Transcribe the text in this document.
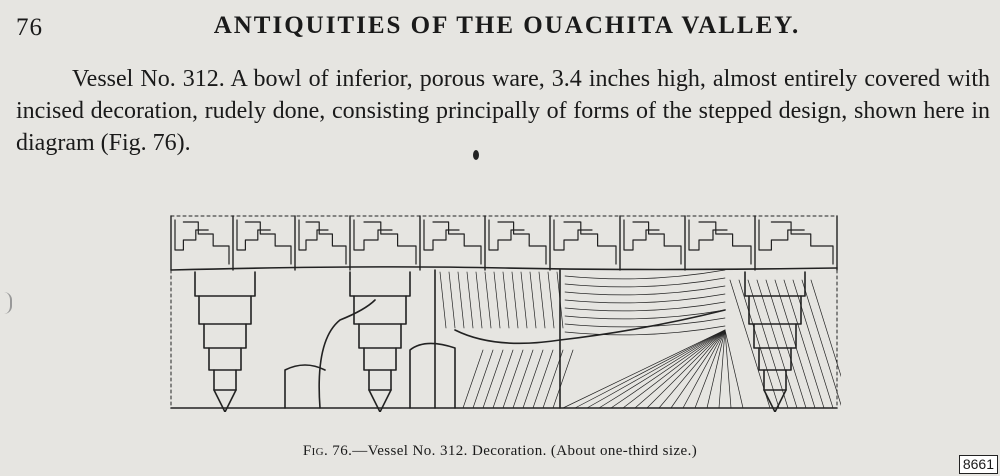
76	ANTIQUITIES OF THE OUACHITA VALLEY.
Vessel No. 312. A bowl of inferior, porous ware, 3.4 inches high, almost entirely covered with incised decoration, rudely done, consisting principally of forms of the stepped design, shown here in diagram (Fig. 76).
Fig. 76.—Vessel No. 312. Decoration. (About one-third size.)
8661
